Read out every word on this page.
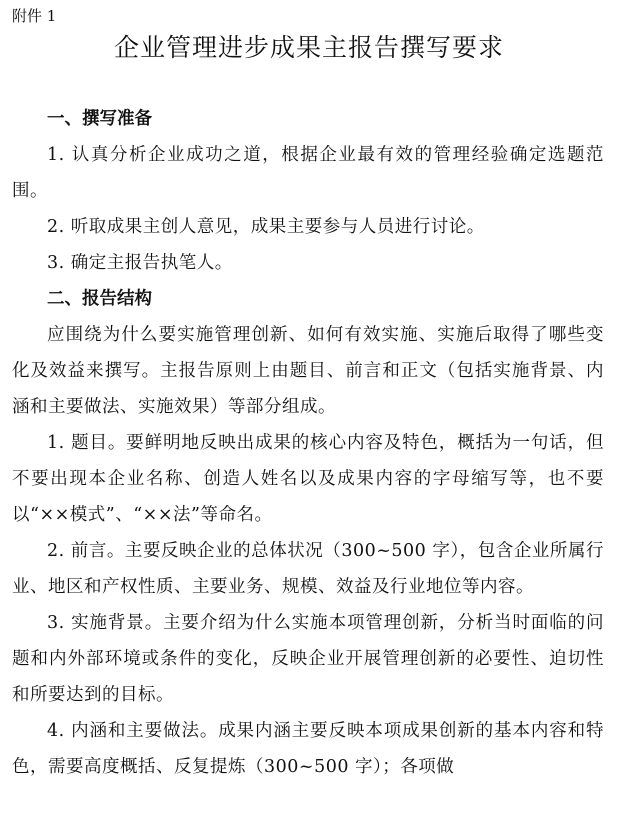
附件 1
企业管理进步成果主报告撰写要求
一、撰写准备

1. 认真分析企业成功之道，根据企业最有效的管理经验确定选题范围。

2. 听取成果主创人意见，成果主要参与人员进行讨论。

3. 确定主报告执笔人。

二、报告结构

应围绕为什么要实施管理创新、如何有效实施、实施后取得了哪些变化及效益来撰写。主报告原则上由题目、前言和正文（包括实施背景、内涵和主要做法、实施效果）等部分组成。

1. 题目。要鲜明地反映出成果的核心内容及特色，概括为一句话，但不要出现本企业名称、创造人姓名以及成果内容的字母缩写等，也不要以“××模式”、“××法”等命名。

2. 前言。主要反映企业的总体状况（300~500 字），包含企业所属行业、地区和产权性质、主要业务、规模、效益及行业地位等内容。

3. 实施背景。主要介绍为什么实施本项管理创新，分析当时面临的问题和内外部环境或条件的变化，反映企业开展管理创新的必要性、迫切性和所要达到的目标。

4. 内涵和主要做法。成果内涵主要反映本项成果创新的基本内容和特色，需要高度概括、反复提炼（300~500 字）；各项做
